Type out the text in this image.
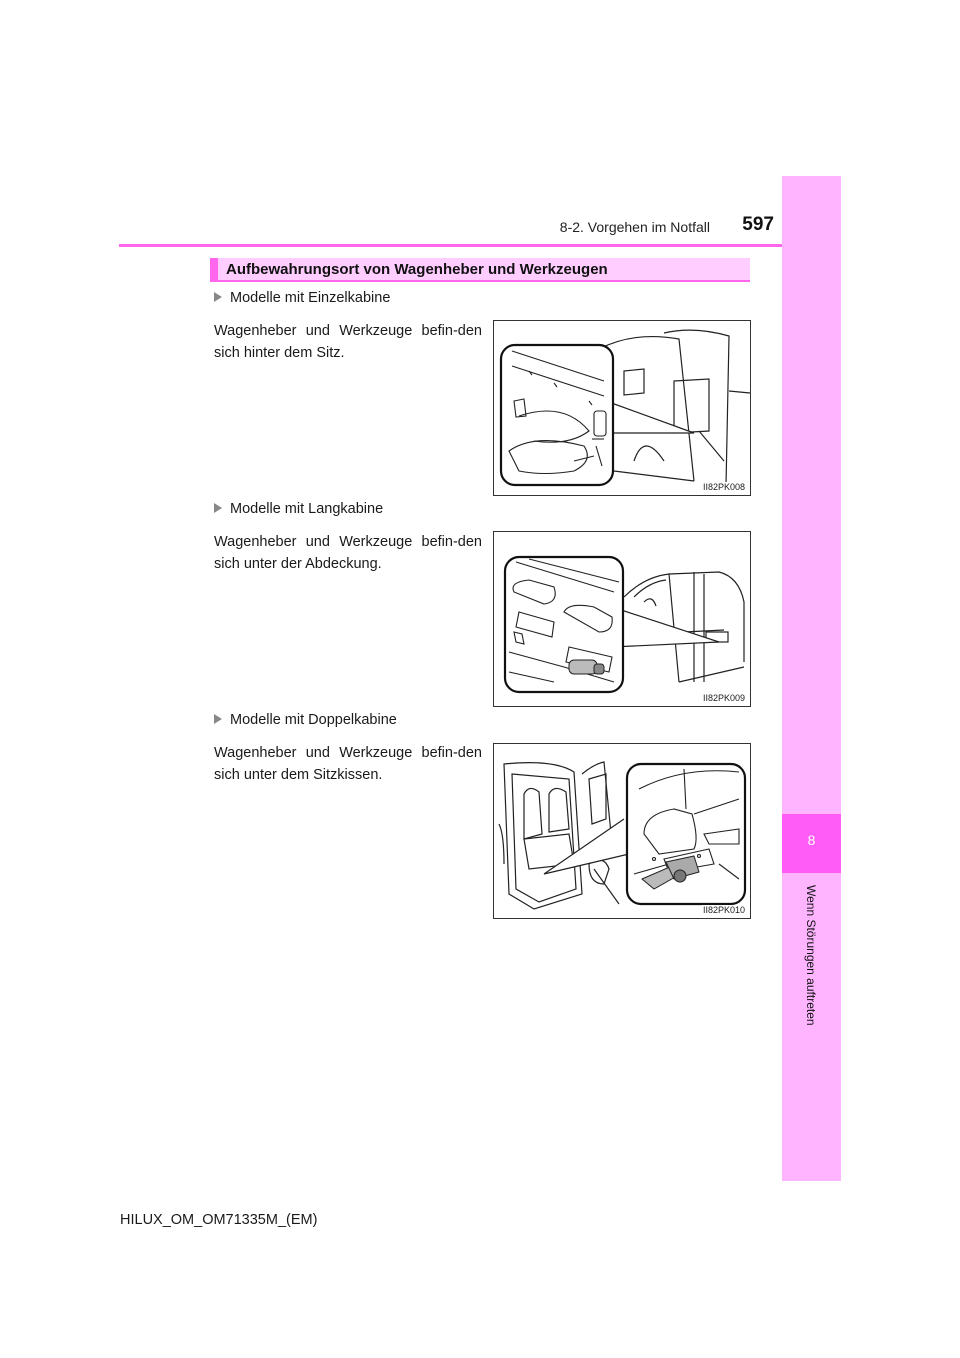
8-2. Vorgehen im Notfall	597
8
Wenn Störungen auftreten
Aufbewahrungsort von Wagenheber und Werkzeugen
Modelle mit Einzelkabine
Wagenheber und Werkzeuge befin-den sich hinter dem Sitz.
II82PK008
Modelle mit Langkabine
Wagenheber und Werkzeuge befin-den sich unter der Abdeckung.
II82PK009
Modelle mit Doppelkabine
Wagenheber und Werkzeuge befin-den sich unter dem Sitzkissen.
II82PK010
HILUX_OM_OM71335M_(EM)
